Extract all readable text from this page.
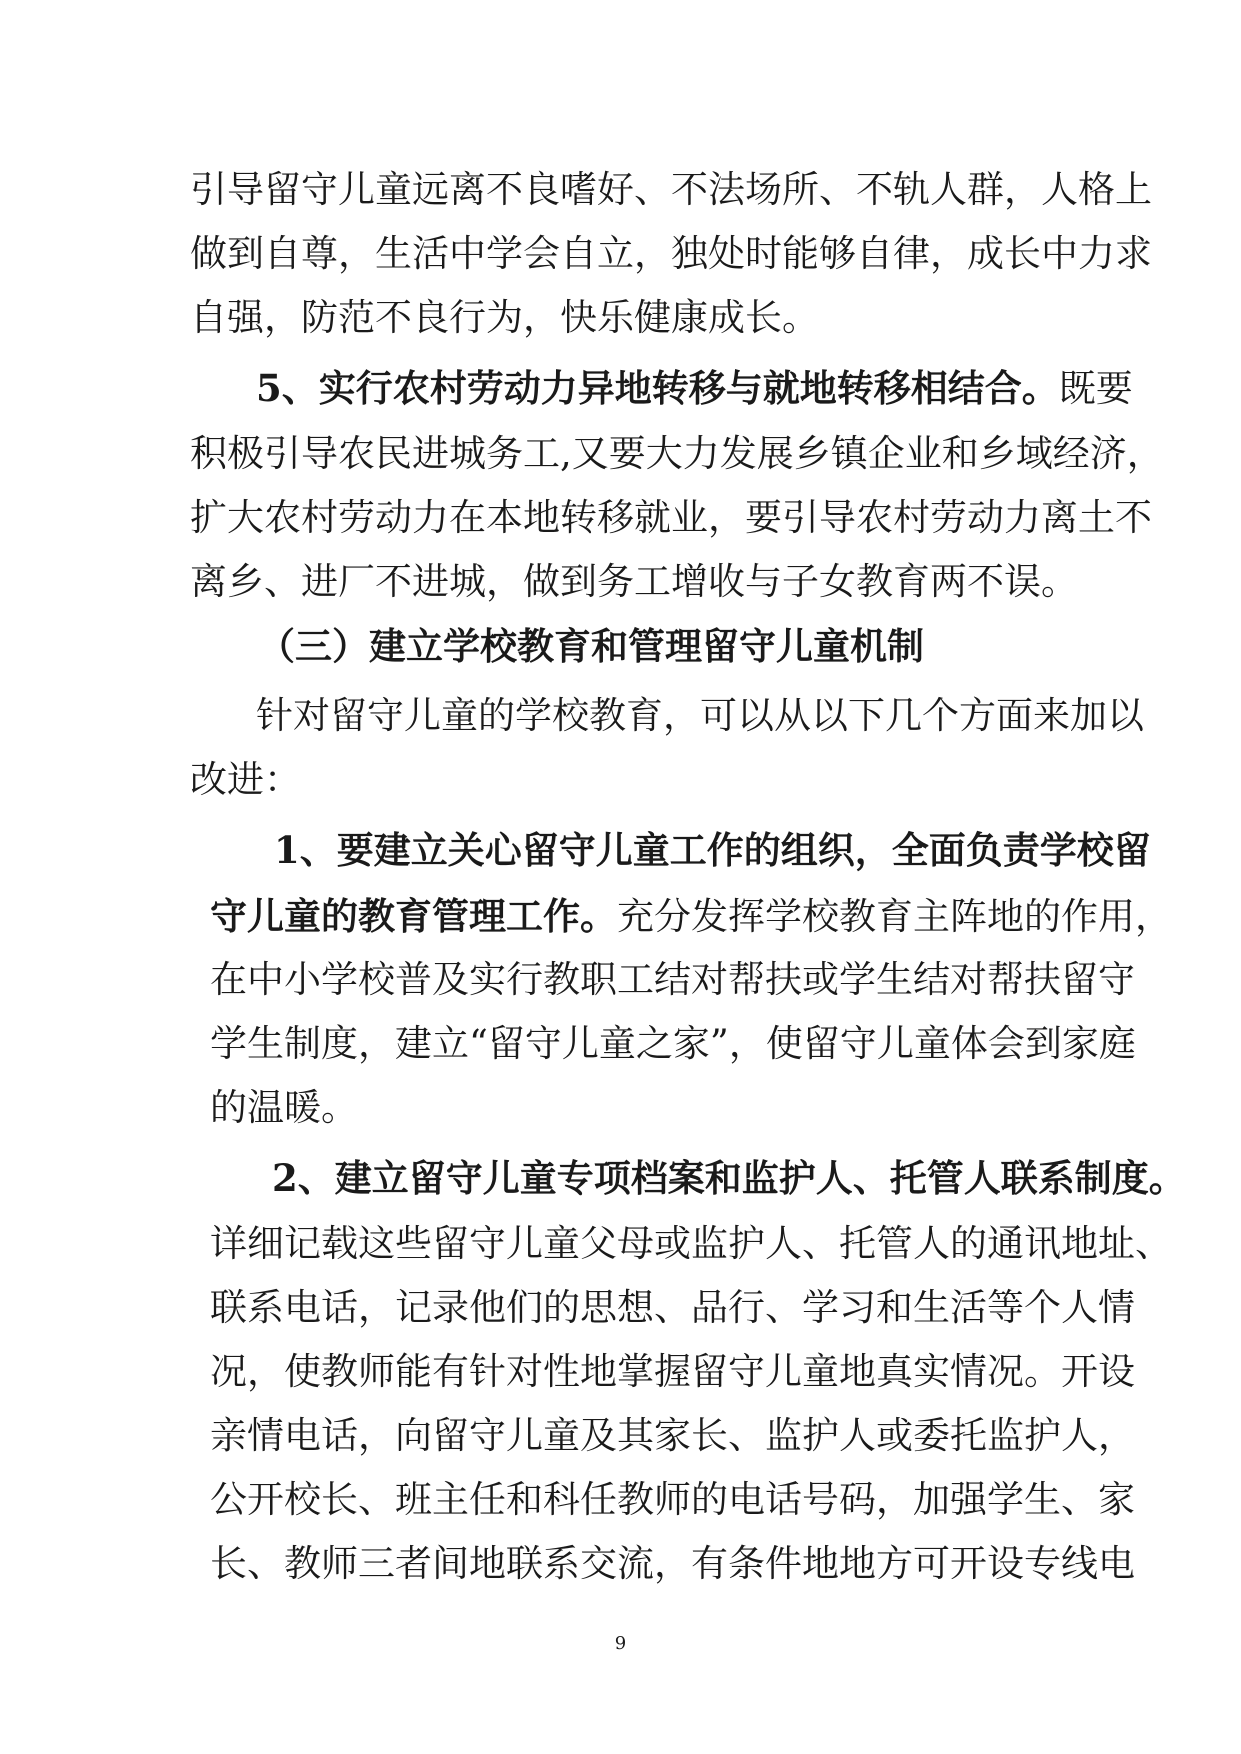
引导留守儿童远离不良嗜好、不法场所、不轨人群，人格上
做到自尊，生活中学会自立，独处时能够自律，成长中力求
自强，防范不良行为，快乐健康成长。
5、实行农村劳动力异地转移与就地转移相结合。既要
积极引导农民进城务工,又要大力发展乡镇企业和乡域经济，
扩大农村劳动力在本地转移就业，要引导农村劳动力离土不
离乡、进厂不进城，做到务工增收与子女教育两不误。
（三）建立学校教育和管理留守儿童机制
针对留守儿童的学校教育，可以从以下几个方面来加以
改进：
1、要建立关心留守儿童工作的组织，全面负责学校留
守儿童的教育管理工作。充分发挥学校教育主阵地的作用，
在中小学校普及实行教职工结对帮扶或学生结对帮扶留守
学生制度，建立“留守儿童之家”，使留守儿童体会到家庭
的温暖。
2、建立留守儿童专项档案和监护人、托管人联系制度。
详细记载这些留守儿童父母或监护人、托管人的通讯地址、
联系电话，记录他们的思想、品行、学习和生活等个人情
况，使教师能有针对性地掌握留守儿童地真实情况。开设
亲情电话，向留守儿童及其家长、监护人或委托监护人，
公开校长、班主任和科任教师的电话号码，加强学生、家
长、教师三者间地联系交流，有条件地地方可开设专线电
9
